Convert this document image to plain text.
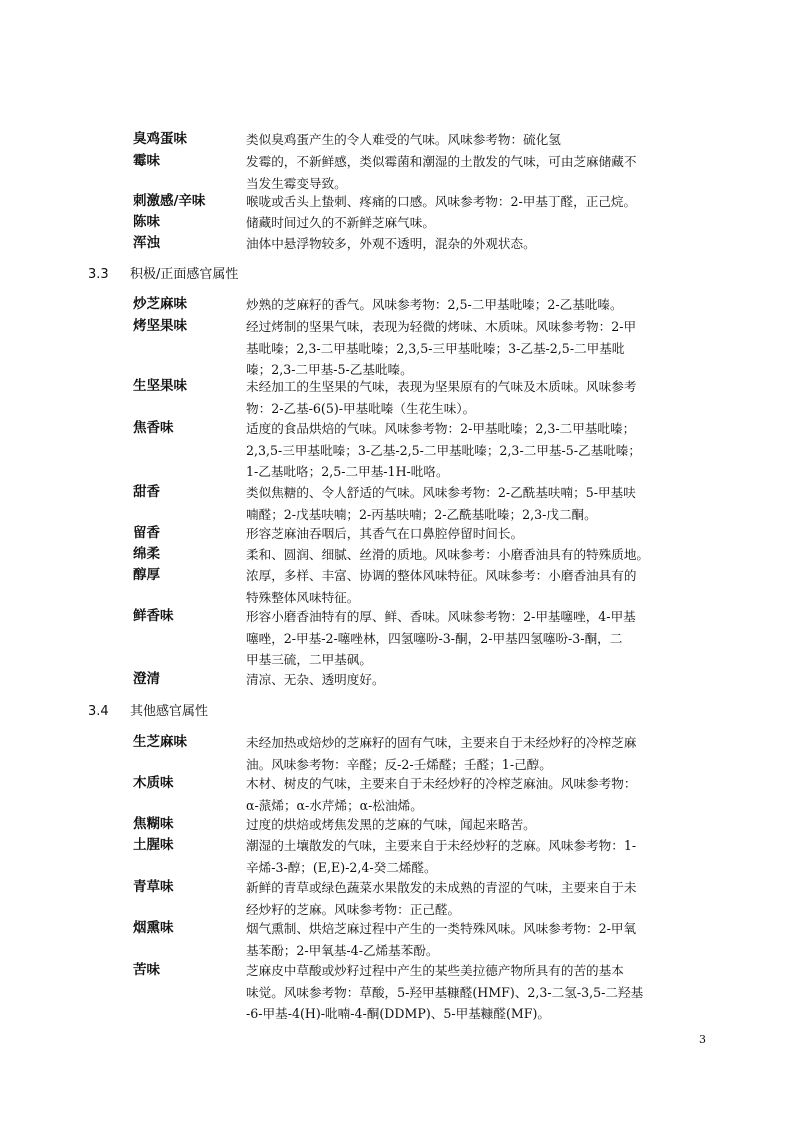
臭鸡蛋味	类似臭鸡蛋产生的令人难受的气味。风味参考物：硫化氢
霉味	发霉的，不新鲜感，类似霉菌和潮湿的土散发的气味，可由芝麻储藏不
当发生霉变导致。
刺激感/辛味	喉咙或舌头上蛰刺、疼痛的口感。风味参考物：2-甲基丁醛，正己烷。
陈味	储藏时间过久的不新鲜芝麻气味。
浑浊	油体中悬浮物较多，外观不透明，混杂的外观状态。
3.3 积极/正面感官属性
炒芝麻味	炒熟的芝麻籽的香气。风味参考物：2,5-二甲基吡嗪；2-乙基吡嗪。
烤坚果味	经过烤制的坚果气味，表现为轻微的烤味、木质味。风味参考物：2-甲
基吡嗪；2,3-二甲基吡嗪；2,3,5-三甲基吡嗪；3-乙基-2,5-二甲基吡
嗪；2,3-二甲基-5-乙基吡嗪。
生坚果味	未经加工的生坚果的气味，表现为坚果原有的气味及木质味。风味参考
物：2-乙基-6(5)-甲基吡嗪（生花生味）。
焦香味	适度的食品烘焙的气味。风味参考物：2-甲基吡嗪；2,3-二甲基吡嗪；
2,3,5-三甲基吡嗪；3-乙基-2,5-二甲基吡嗪；2,3-二甲基-5-乙基吡嗪；
1-乙基吡咯；2,5-二甲基-1H-吡咯。
甜香	类似焦糖的、令人舒适的气味。风味参考物：2-乙酰基呋喃；5-甲基呋
喃醛；2-戊基呋喃；2-丙基呋喃；2-乙酰基吡嗪；2,3-戊二酮。
留香	形容芝麻油吞咽后，其香气在口鼻腔停留时间长。
绵柔	柔和、圆润、细腻、丝滑的质地。风味参考：小磨香油具有的特殊质地。
醇厚	浓厚，多样、丰富、协调的整体风味特征。风味参考：小磨香油具有的
特殊整体风味特征。
鲜香味	形容小磨香油特有的厚、鲜、香味。风味参考物：2-甲基噻唑，4-甲基
噻唑，2-甲基-2-噻唑林，四氢噻吩-3-酮，2-甲基四氢噻吩-3-酮，二
甲基三硫，二甲基砜。
澄清	清凉、无杂、透明度好。
3.4 其他感官属性
生芝麻味	未经加热或焙炒的芝麻籽的固有气味，主要来自于未经炒籽的冷榨芝麻
油。风味参考物：辛醛；反-2-壬烯醛；壬醛；1-己醇。
木质味	木材、树皮的气味，主要来自于未经炒籽的冷榨芝麻油。风味参考物：
α-蒎烯；α-水芹烯；α-松油烯。
焦糊味	过度的烘焙或烤焦发黑的芝麻的气味，闻起来略苦。
土腥味	潮湿的土壤散发的气味，主要来自于未经炒籽的芝麻。风味参考物：1-
辛烯-3-醇；(E,E)-2,4-癸二烯醛。
青草味	新鲜的青草或绿色蔬菜水果散发的未成熟的青涩的气味，主要来自于未
经炒籽的芝麻。风味参考物：正己醛。
烟熏味	烟气熏制、烘焙芝麻过程中产生的一类特殊风味。风味参考物：2-甲氧
基苯酚；2-甲氧基-4-乙烯基苯酚。
苦味	芝麻皮中草酸或炒籽过程中产生的某些美拉德产物所具有的苦的基本
味觉。风味参考物：草酸，5-羟甲基糠醛(HMF)、2,3-二氢-3,5-二羟基
-6-甲基-4(H)-吡喃-4-酮(DDMP)、5-甲基糠醛(MF)。
3
